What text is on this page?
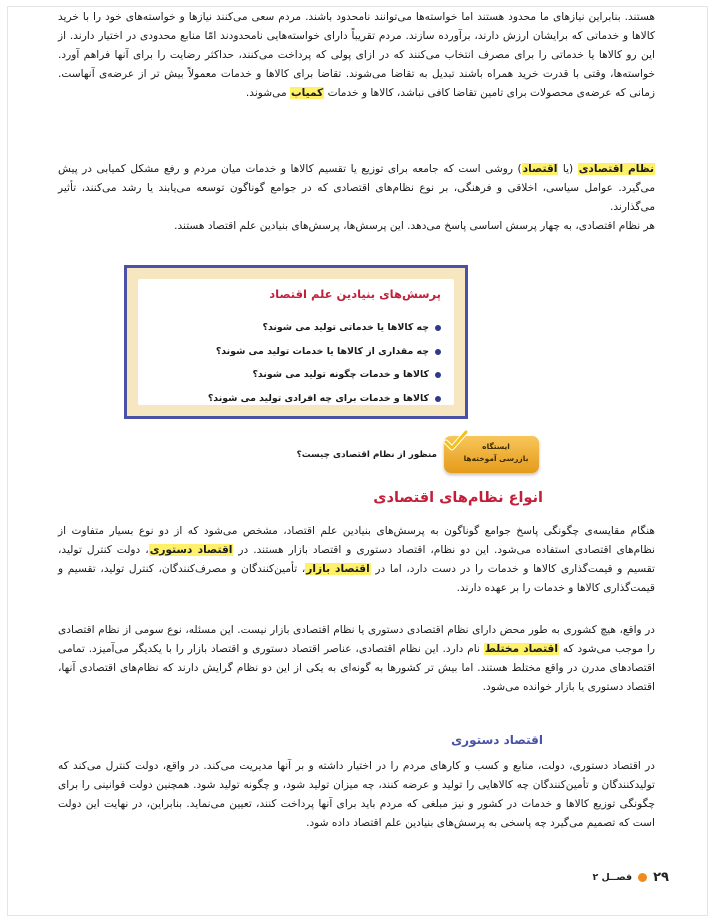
هستند. بنابراین نیازهای ما محدود هستند اما خواسته‌ها می‌توانند نامحدود باشند. مردم سعی می‌کنند نیازها و خواسته‌های خود را با خرید کالاها و خدماتی که برایشان ارزش دارند، برآورده سازند. مردم تقریباً دارای خواسته‌هایی نامحدودند امّا منابع محدودی در اختیار دارند. از این رو کالاها یا خدماتی را برای مصرف انتخاب می‌کنند که در ازای پولی که پرداخت می‌کنند، حداکثر رضایت را برای آنها فراهم آورد. خواسته‌ها، وقتی با قدرت خرید همراه باشند تبدیل به تقاضا می‌شوند. تقاضا برای کالاها و خدمات معمولاً بیش تر از عرضه‌ی آنهاست. زمانی که عرضه‌ی محصولات برای تامین تقاضا کافی نباشد، کالاها و خدمات کمیاب می‌شوند.

نظام اقتصادی (یا اقتصاد) روشی است که جامعه برای توزیع یا تقسیم کالاها و خدمات میان مردم و رفع مشکل کمیابی در پیش می‌گیرد. عوامل سیاسی، اخلاقی و فرهنگی، بر نوع نظام‌های اقتصادی که در جوامع گوناگون توسعه می‌یابند یا رشد می‌کنند، تأثیر می‌گذارند.

هر نظام اقتصادی، به چهار پرسش اساسی پاسخ می‌دهد. این پرسش‌ها، پرسش‌های بنیادین علم اقتصاد هستند.

پرسش‌های بنیادین علم اقتصاد
چه کالاها یا خدماتی تولید می شوند؟
چه مقداری از کالاها یا خدمات تولید می شوند؟
کالاها و خدمات چگونه تولید می شوند؟
کالاها و خدمات برای چه افرادی تولید می شوند؟
ایستگاه
بازرسی آموخته‌ها

منظور از نظام اقتصادی چیست؟

انواع نظام‌های اقتصادی

هنگام مقایسه‌ی چگونگی پاسخ جوامع گوناگون به پرسش‌های بنیادین علم اقتصاد، مشخص می‌شود که از دو نوع بسیار متفاوت از نظام‌های اقتصادی استفاده می‌شود. این دو نظام، اقتصاد دستوری و اقتصاد بازار هستند. در اقتصاد دستوری، دولت کنترل تولید، تقسیم و قیمت‌گذاری کالاها و خدمات را در دست دارد، اما در اقتصاد بازار، تأمین‌کنندگان و مصرف‌کنندگان، کنترل تولید، تقسیم و قیمت‌گذاری کالاها و خدمات را بر عهده دارند.

در واقع، هیچ کشوری به طور محض دارای نظام اقتصادی دستوری یا نظام اقتصادی بازار نیست. این مسئله، نوع سومی از نظام اقتصادی را موجب می‌شود که اقتصاد مختلط نام دارد. این نظام اقتصادی، عناصر اقتصاد دستوری و اقتصاد بازار را با یکدیگر می‌آمیزد. تمامی اقتصادهای مدرن در واقع مختلط هستند. اما بیش تر کشورها به گونه‌ای به یکی از این دو نظام گرایش دارند که نظام‌های اقتصادی آنها، اقتصاد دستوری یا بازار خوانده می‌شود.

اقتصاد دستوری

در اقتصاد دستوری، دولت، منابع و کسب و کارهای مردم را در اختیار داشته و بر آنها مدیریت می‌کند. در واقع، دولت کنترل می‌کند که تولیدکنندگان و تأمین‌کنندگان چه کالاهایی را تولید و عرضه کنند، چه میزان تولید شود، و چگونه تولید شود. همچنین دولت قوانینی را برای چگونگی توزیع کالاها و خدمات در کشور و نیز مبلغی که مردم باید برای آنها پرداخت کنند، تعیین می‌نماید. بنابراین، در نهایت این دولت است که تصمیم می‌گیرد چه پاسخی به پرسش‌های بنیادین علم اقتصاد داده شود.

۲۹
فصــل ۲
